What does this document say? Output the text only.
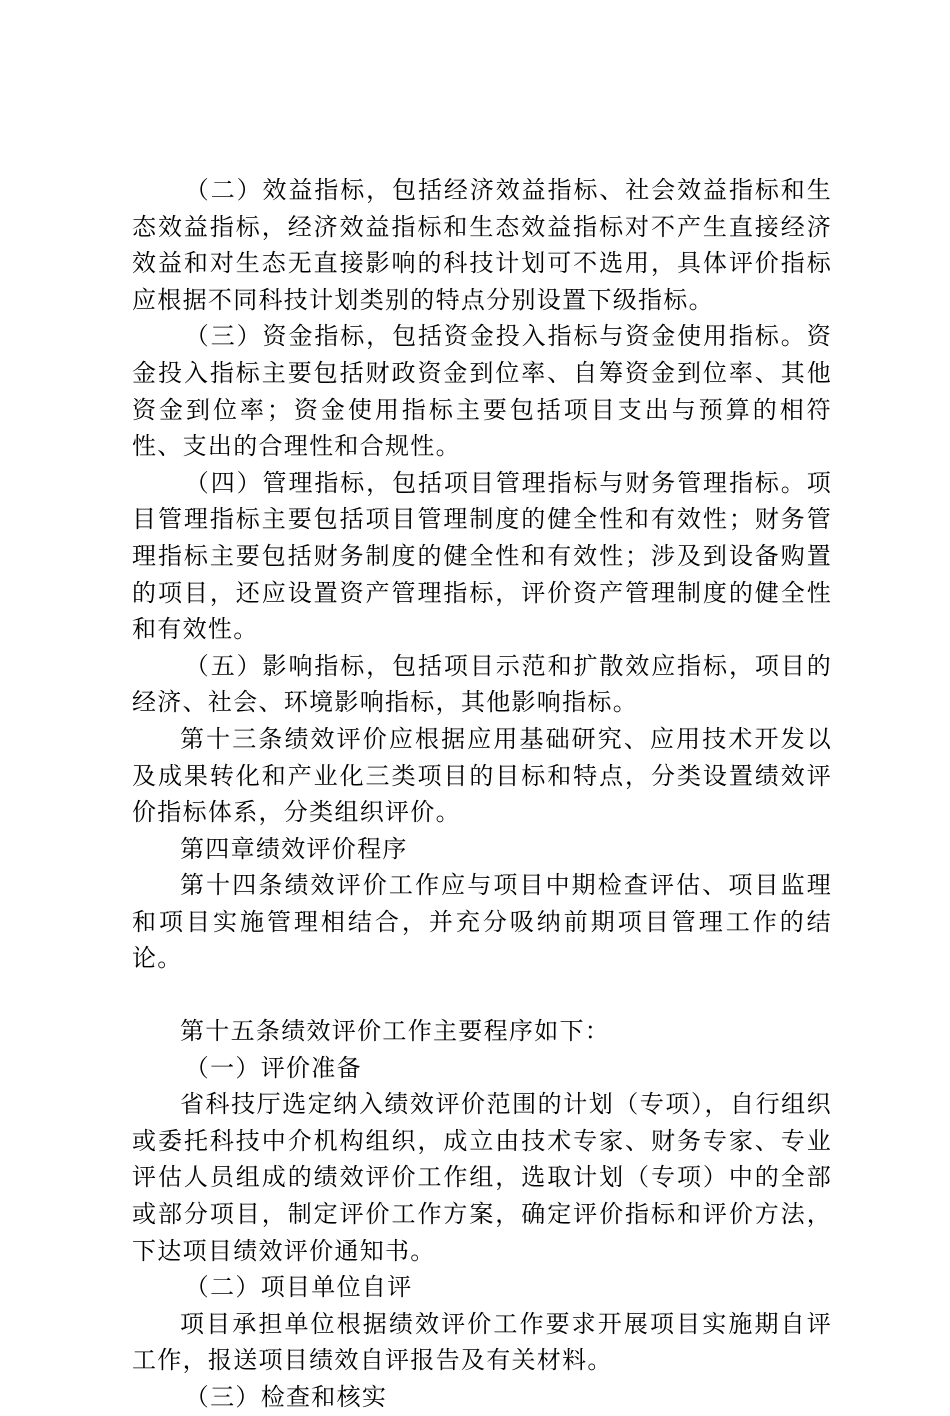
（二）效益指标，包括经济效益指标、社会效益指标和生态效益指标，经济效益指标和生态效益指标对不产生直接经济效益和对生态无直接影响的科技计划可不选用，具体评价指标应根据不同科技计划类别的特点分别设置下级指标。

（三）资金指标，包括资金投入指标与资金使用指标。资金投入指标主要包括财政资金到位率、自筹资金到位率、其他资金到位率；资金使用指标主要包括项目支出与预算的相符性、支出的合理性和合规性。

（四）管理指标，包括项目管理指标与财务管理指标。项目管理指标主要包括项目管理制度的健全性和有效性；财务管理指标主要包括财务制度的健全性和有效性；涉及到设备购置的项目，还应设置资产管理指标，评价资产管理制度的健全性和有效性。

（五）影响指标，包括项目示范和扩散效应指标，项目的经济、社会、环境影响指标，其他影响指标。

第十三条绩效评价应根据应用基础研究、应用技术开发以及成果转化和产业化三类项目的目标和特点，分类设置绩效评价指标体系，分类组织评价。

第四章绩效评价程序

第十四条绩效评价工作应与项目中期检查评估、项目监理和项目实施管理相结合，并充分吸纳前期项目管理工作的结论。

第十五条绩效评价工作主要程序如下：

（一）评价准备

省科技厅选定纳入绩效评价范围的计划（专项），自行组织或委托科技中介机构组织，成立由技术专家、财务专家、专业评估人员组成的绩效评价工作组，选取计划（专项）中的全部或部分项目，制定评价工作方案，确定评价指标和评价方法，下达项目绩效评价通知书。

（二）项目单位自评

项目承担单位根据绩效评价工作要求开展项目实施期自评工作，报送项目绩效自评报告及有关材料。

（三）检查和核实
